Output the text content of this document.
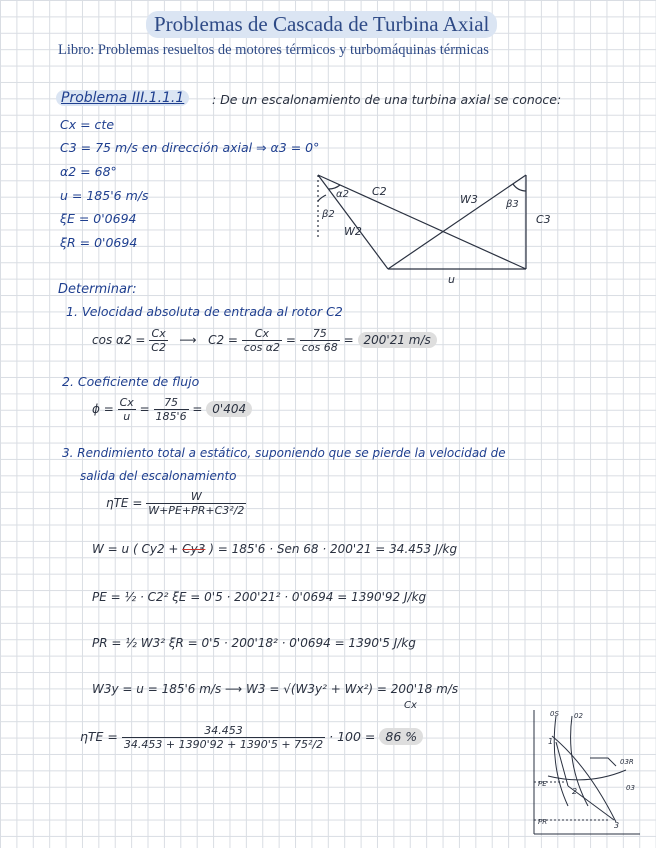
Problemas de Cascada de Turbina Axial
Libro: Problemas resueltos de motores térmicos y turbomáquinas térmicas
Problema III.1.1.1	: De un escalonamiento de una turbina axial se conoce:
Cx = cte
C3 = 75 m/s en dirección axial ⇒ α3 = 0°
α2 = 68°
u = 185'6 m/s
ξE = 0'0694
ξR = 0'0694
α2
β2
C2
W2
W3	β3
C3
u
Determinar:
1. Velocidad absoluta de entrada al rotor C2
$\cos \alpha 2 = \frac{Cx}{C2}$ ⟶ $C2 = \frac{Cx}{\text{cos α2}} = \frac{75}{\cos 68} = 200'21$ m/s
2. Coeficiente de flujo
$\phi = \frac{Cx}{u} = \frac{75}{185'6} = 0'404$
3. Rendimiento total a estático, suponiendo que se pierde la velocidad de
salida del escalonamiento
$\eta TE = \frac{W}{\text{W+PE+PR+C3²/2}}$
W = u ( Cy2 + Cy3 ) = 185'6 · Sen 68 · 200'21 = 34.453 J/kg
PE = ½ · C2² ξE = 0'5 · 200'21² · 0'0694 = 1390'92 J/kg
PR = ½ W3² ξR = 0'5 · 200'18² · 0'0694 = 1390'5 J/kg
W3y = u = 185'6 m/s ⟶ W3 = √(W3y² + Wx²) = 200'18 m/s
Cx
$\eta TE = \frac{34.453}{\text{34.453 + 1390'92 + 1390'5 + 75²/2}} \cdot 100 = 86$ %
0S 02
03R
03
1
PE
2
PR	3
